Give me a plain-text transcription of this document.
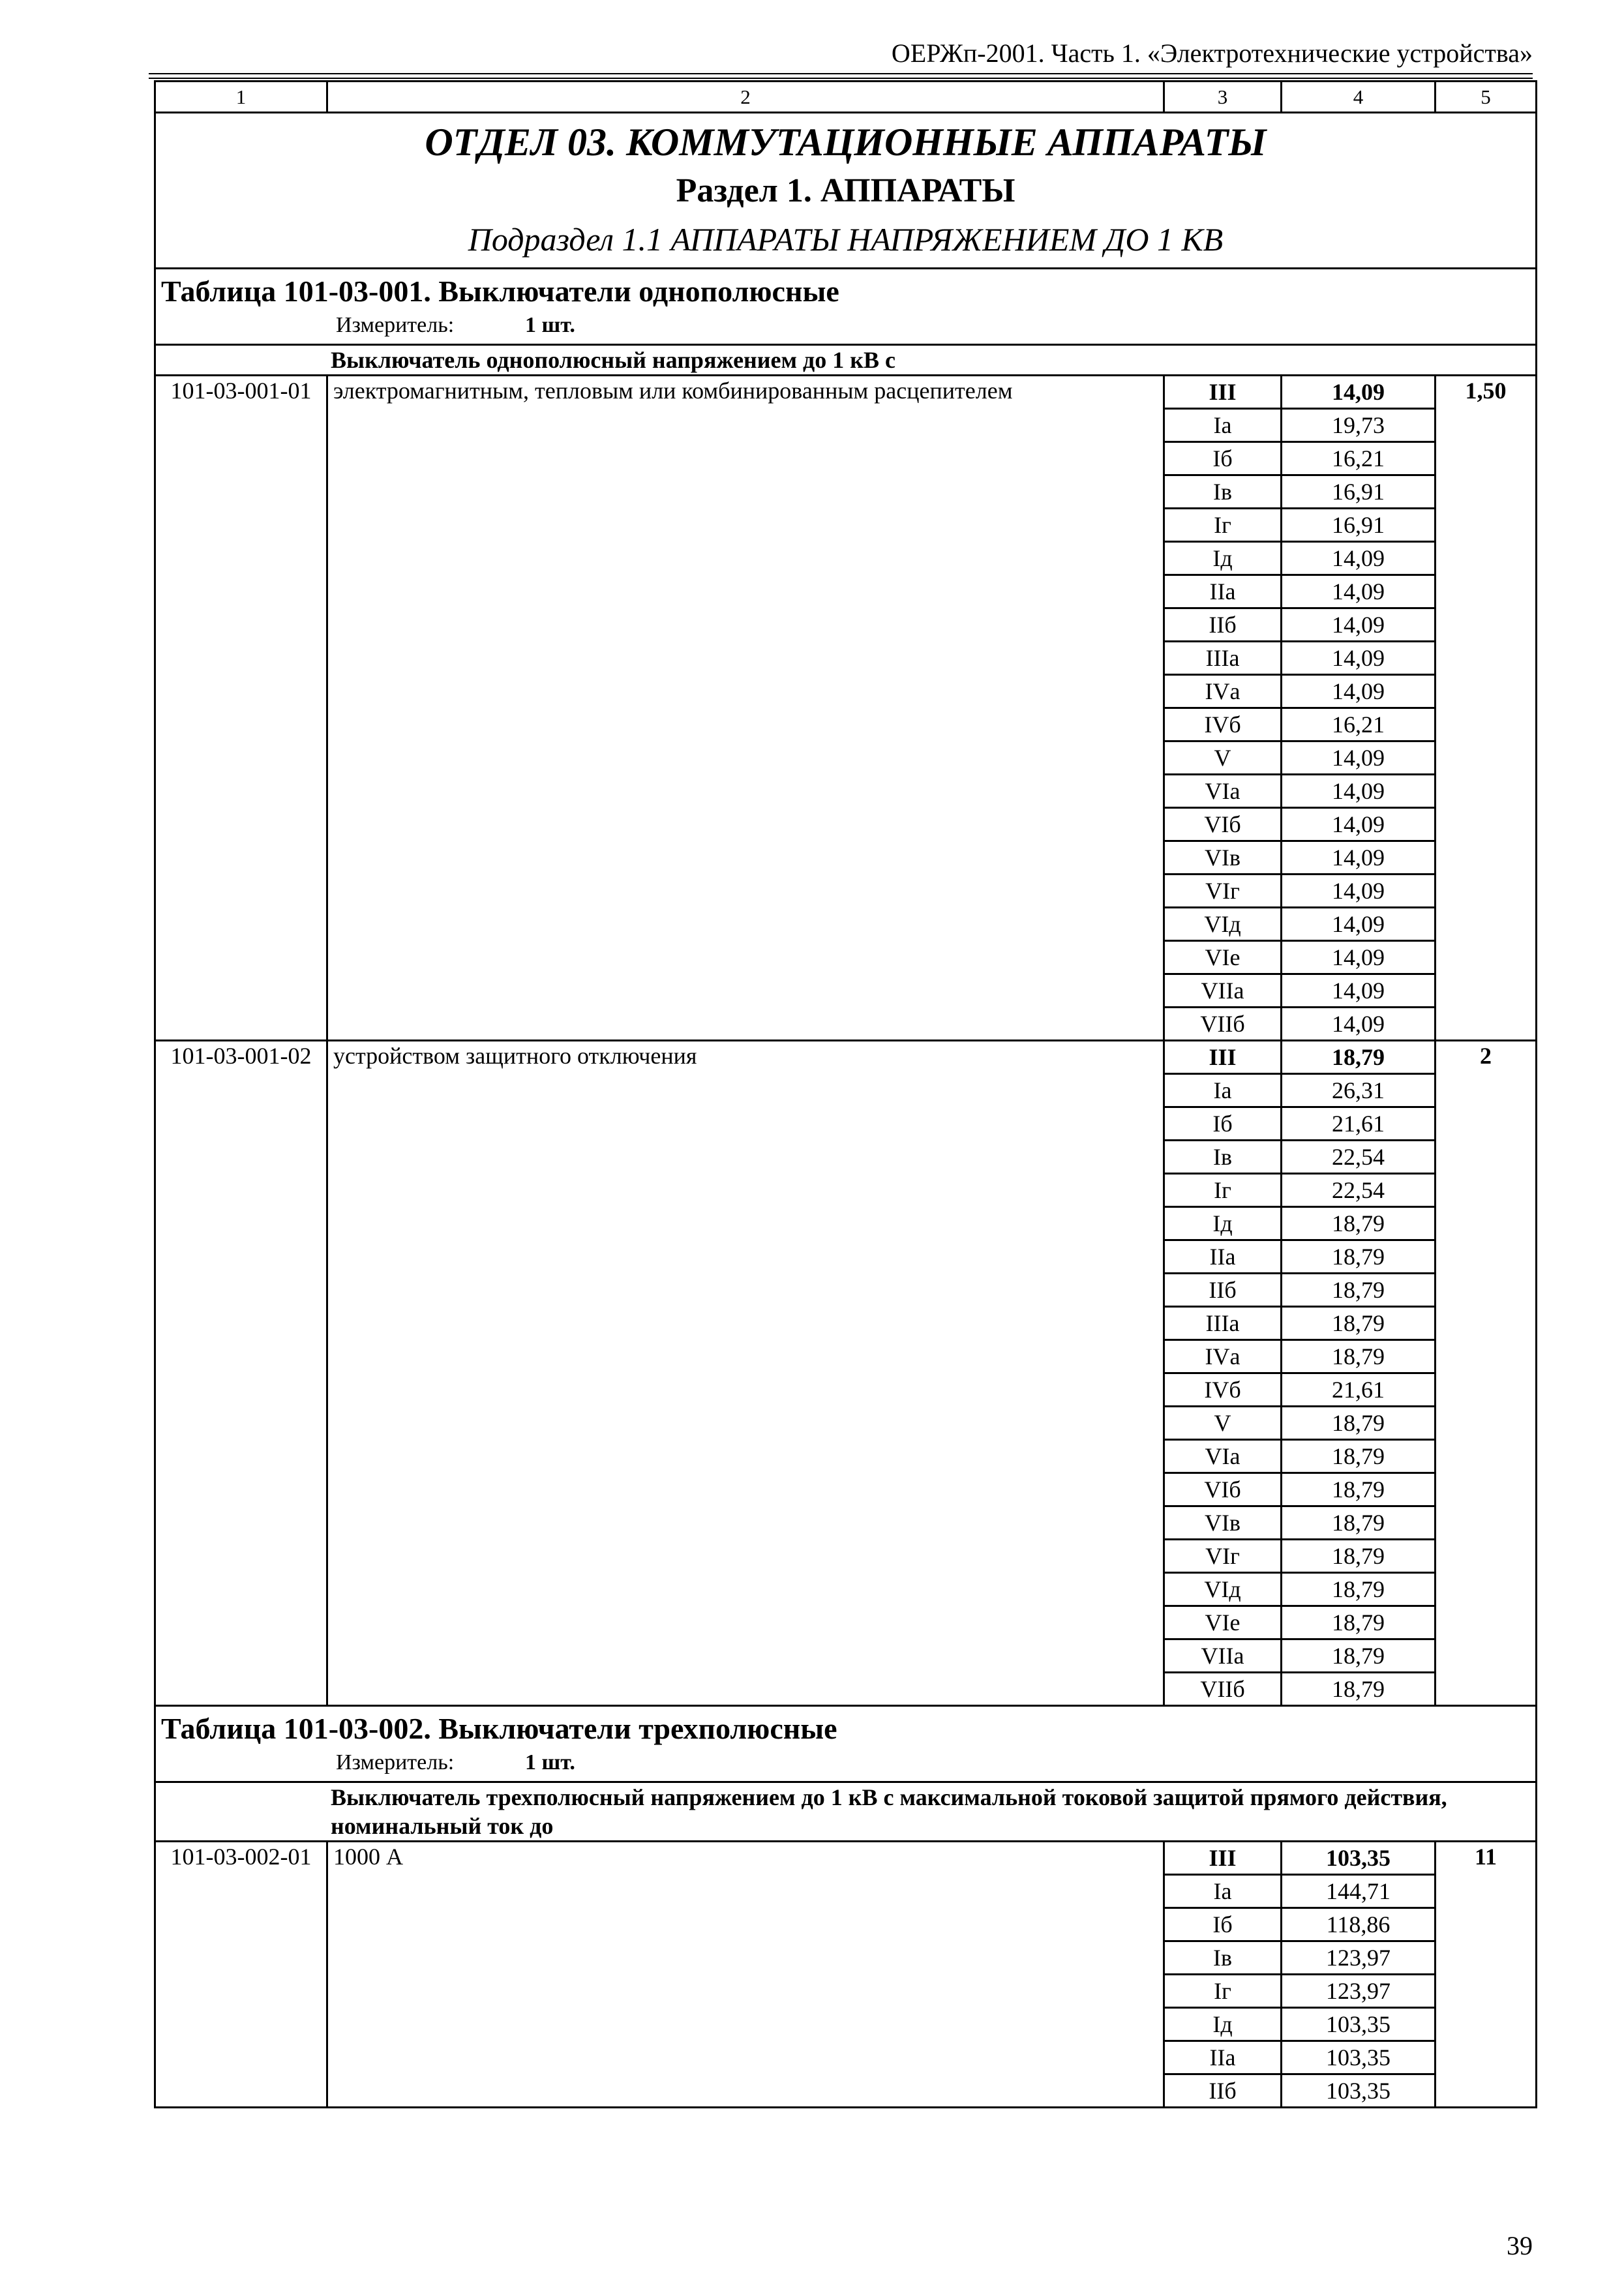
ОЕРЖп-2001. Часть 1. «Электротехнические устройства»
1	2	3	4	5

ОТДЕЛ 03. КОММУТАЦИОННЫЕ АППАРАТЫ
Раздел 1. АППАРАТЫ
Подраздел 1.1 АППАРАТЫ НАПРЯЖЕНИЕМ ДО 1 КВ				

Таблица 101-03-001. Выключатели однополюсные
Измеритель: 1 шт.				

Выключатель однополюсный напряжением до 1 кВ с				
101-03-001-01	электромагнитным, тепловым или комбинированным расцепителем	III	14,09	1,50
		Iа	19,73	
		Iб	16,21	
		Iв	16,91	
		Iг	16,91	
		Iд	14,09	
		IIа	14,09	
		IIб	14,09	
		IIIа	14,09	
		IVа	14,09	
		IVб	16,21	
		V	14,09	
		VIа	14,09	
		VIб	14,09	
		VIв	14,09	
		VIг	14,09	
		VIд	14,09	
		VIе	14,09	
		VIIа	14,09	
		VIIб	14,09	
101-03-001-02	устройством защитного отключения	III	18,79	2
		Iа	26,31	
		Iб	21,61	
		Iв	22,54	
		Iг	22,54	
		Iд	18,79	
		IIа	18,79	
		IIб	18,79	
		IIIа	18,79	
		IVа	18,79	
		IVб	21,61	
		V	18,79	
		VIа	18,79	
		VIб	18,79	
		VIв	18,79	
		VIг	18,79	
		VIд	18,79	
		VIе	18,79	
		VIIа	18,79	
		VIIб	18,79	

Таблица 101-03-002. Выключатели трехполюсные
Измеритель: 1 шт.				

Выключатель трехполюсный напряжением до 1 кВ с максимальной токовой защитой прямого действия, номинальный ток до				
101-03-002-01	1000 А	III	103,35	11
		Iа	144,71	
		Iб	118,86	
		Iв	123,97	
		Iг	123,97	
		Iд	103,35	
		IIа	103,35	
		IIб	103,35	
39
